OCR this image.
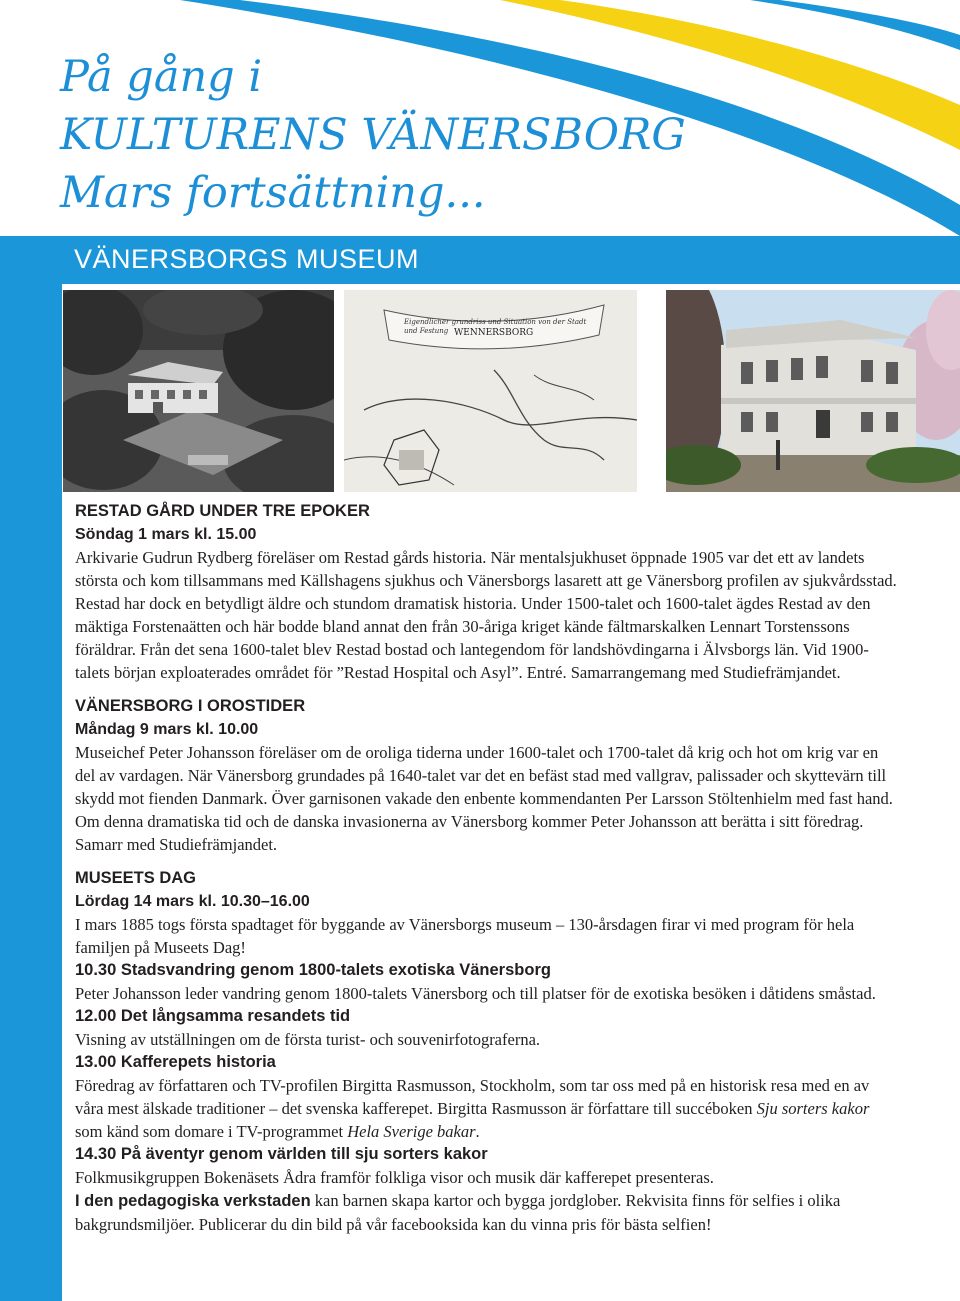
På gång i
KULTURENS VÄNERSBORG
Mars fortsättning...
VÄNERSBORGS MUSEUM
Eigendlicher grundriss und Situation von der Stadt
und Festung WENNERSBORG

RESTAD GÅRD UNDER TRE EPOKER

Söndag 1 mars kl. 15.00

Arkivarie Gudrun Rydberg föreläser om Restad gårds historia. När mentalsjukhuset öppnade 1905 var det ett av landets största och kom tillsammans med Källshagens sjukhus och Vänersborgs lasarett att ge Vänersborg profilen av sjukvårdsstad. Restad har dock en betydligt äldre och stundom dramatisk historia. Under 1500-talet och 1600-talet ägdes Restad av den mäktiga Forstenaätten och här bodde bland annat den från 30-åriga kriget kände fältmarskalken Lennart Torstenssons föräldrar. Från det sena 1600-talet blev Restad bostad och lantegendom för landshövdingarna i Älvsborgs län. Vid 1900-talets början exploaterades området för ”Restad Hospital och Asyl”. Entré. Samarrangemang med Studiefrämjandet.

VÄNERSBORG I OROSTIDER

Måndag 9 mars kl. 10.00

Museichef Peter Johansson föreläser om de oroliga tiderna under 1600-talet och 1700-talet då krig och hot om krig var en del av vardagen. När Vänersborg grundades på 1640-talet var det en befäst stad med vallgrav, palissader och skyttevärn till skydd mot fienden Danmark. Över garnisonen vakade den enbente kommendanten Per Larsson Stöltenhielm med fast hand. Om denna dramatiska tid och de danska invasionerna av Vänersborg kommer Peter Johansson att berätta i sitt föredrag. Samarr med Studiefrämjandet.

MUSEETS DAG

Lördag 14 mars kl. 10.30–16.00

I mars 1885 togs första spadtaget för byggande av Vänersborgs museum – 130-årsdagen firar vi med program för hela familjen på Museets Dag!

10.30 Stadsvandring genom 1800-talets exotiska Vänersborg

Peter Johansson leder vandring genom 1800-talets Vänersborg och till platser för de exotiska besöken i dåtidens småstad.

12.00 Det långsamma resandets tid

Visning av utställningen om de första turist- och souvenirfotograferna.

13.00 Kafferepets historia

Föredrag av författaren och TV-profilen Birgitta Rasmusson, Stockholm, som tar oss med på en historisk resa med en av våra mest älskade traditioner – det svenska kafferepet. Birgitta Rasmusson är författare till succéboken Sju sorters kakor som känd som domare i TV-programmet Hela Sverige bakar.

14.30 På äventyr genom världen till sju sorters kakor

Folkmusikgruppen Bokenäsets Ådra framför folkliga visor och musik där kafferepet presenteras.

I den pedagogiska verkstaden kan barnen skapa kartor och bygga jordglober. Rekvisita finns för selfies i olika bakgrundsmiljöer. Publicerar du din bild på vår facebooksida kan du vinna pris för bästa selfien!
